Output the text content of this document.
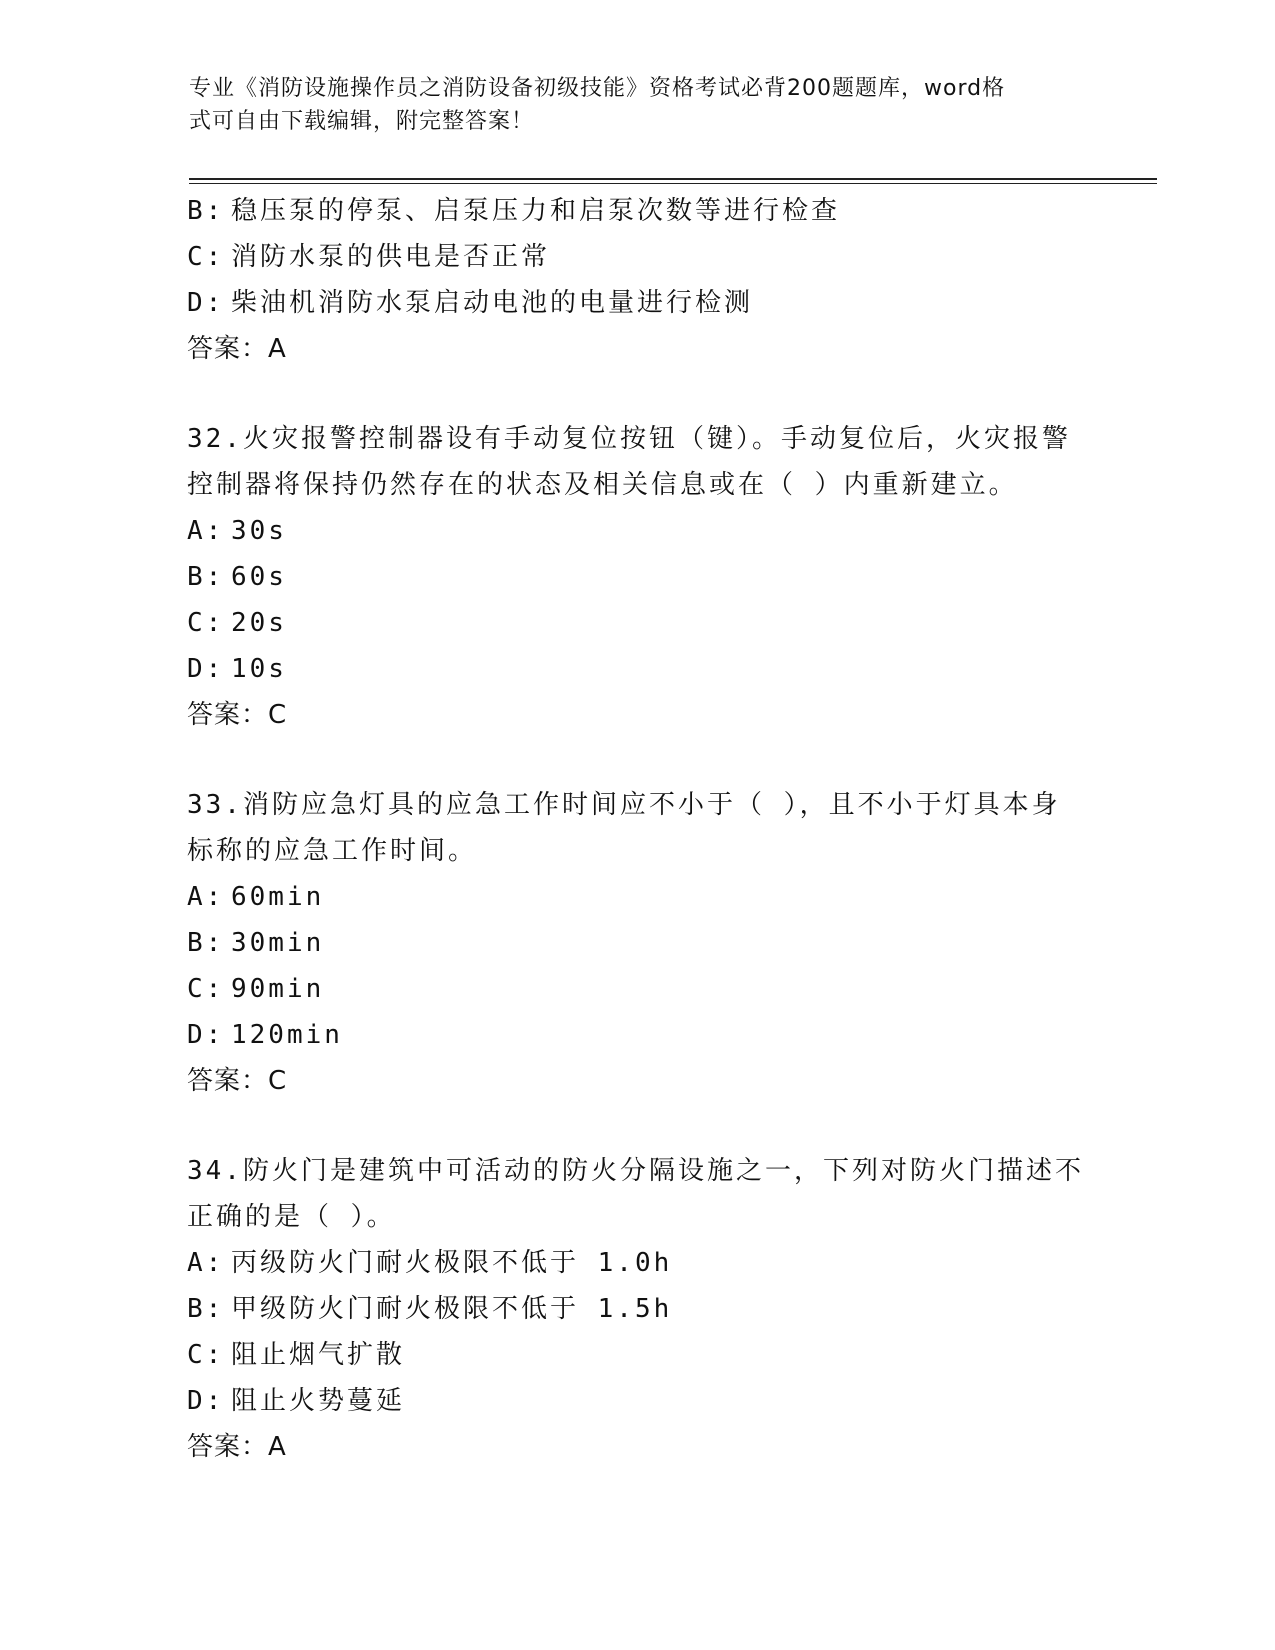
专业《消防设施操作员之消防设备初级技能》资格考试必背200题题库，word格
式可自由下载编辑，附完整答案！
B: 稳压泵的停泵、启泵压力和启泵次数等进行检查
C: 消防水泵的供电是否正常
D: 柴油机消防水泵启动电池的电量进行检测
答案：A
32.火灾报警控制器设有手动复位按钮（键）。手动复位后，火灾报警
控制器将保持仍然存在的状态及相关信息或在（ ）内重新建立。
A: 30s
B: 60s
C: 20s
D: 10s
答案：C
33.消防应急灯具的应急工作时间应不小于（ ），且不小于灯具本身
标称的应急工作时间。
A: 60min
B: 30min
C: 90min
D: 120min
答案：C
34.防火门是建筑中可活动的防火分隔设施之一，下列对防火门描述不
正确的是（ ）。
A: 丙级防火门耐火极限不低于 1.0h
B: 甲级防火门耐火极限不低于 1.5h
C: 阻止烟气扩散
D: 阻止火势蔓延
答案：A
